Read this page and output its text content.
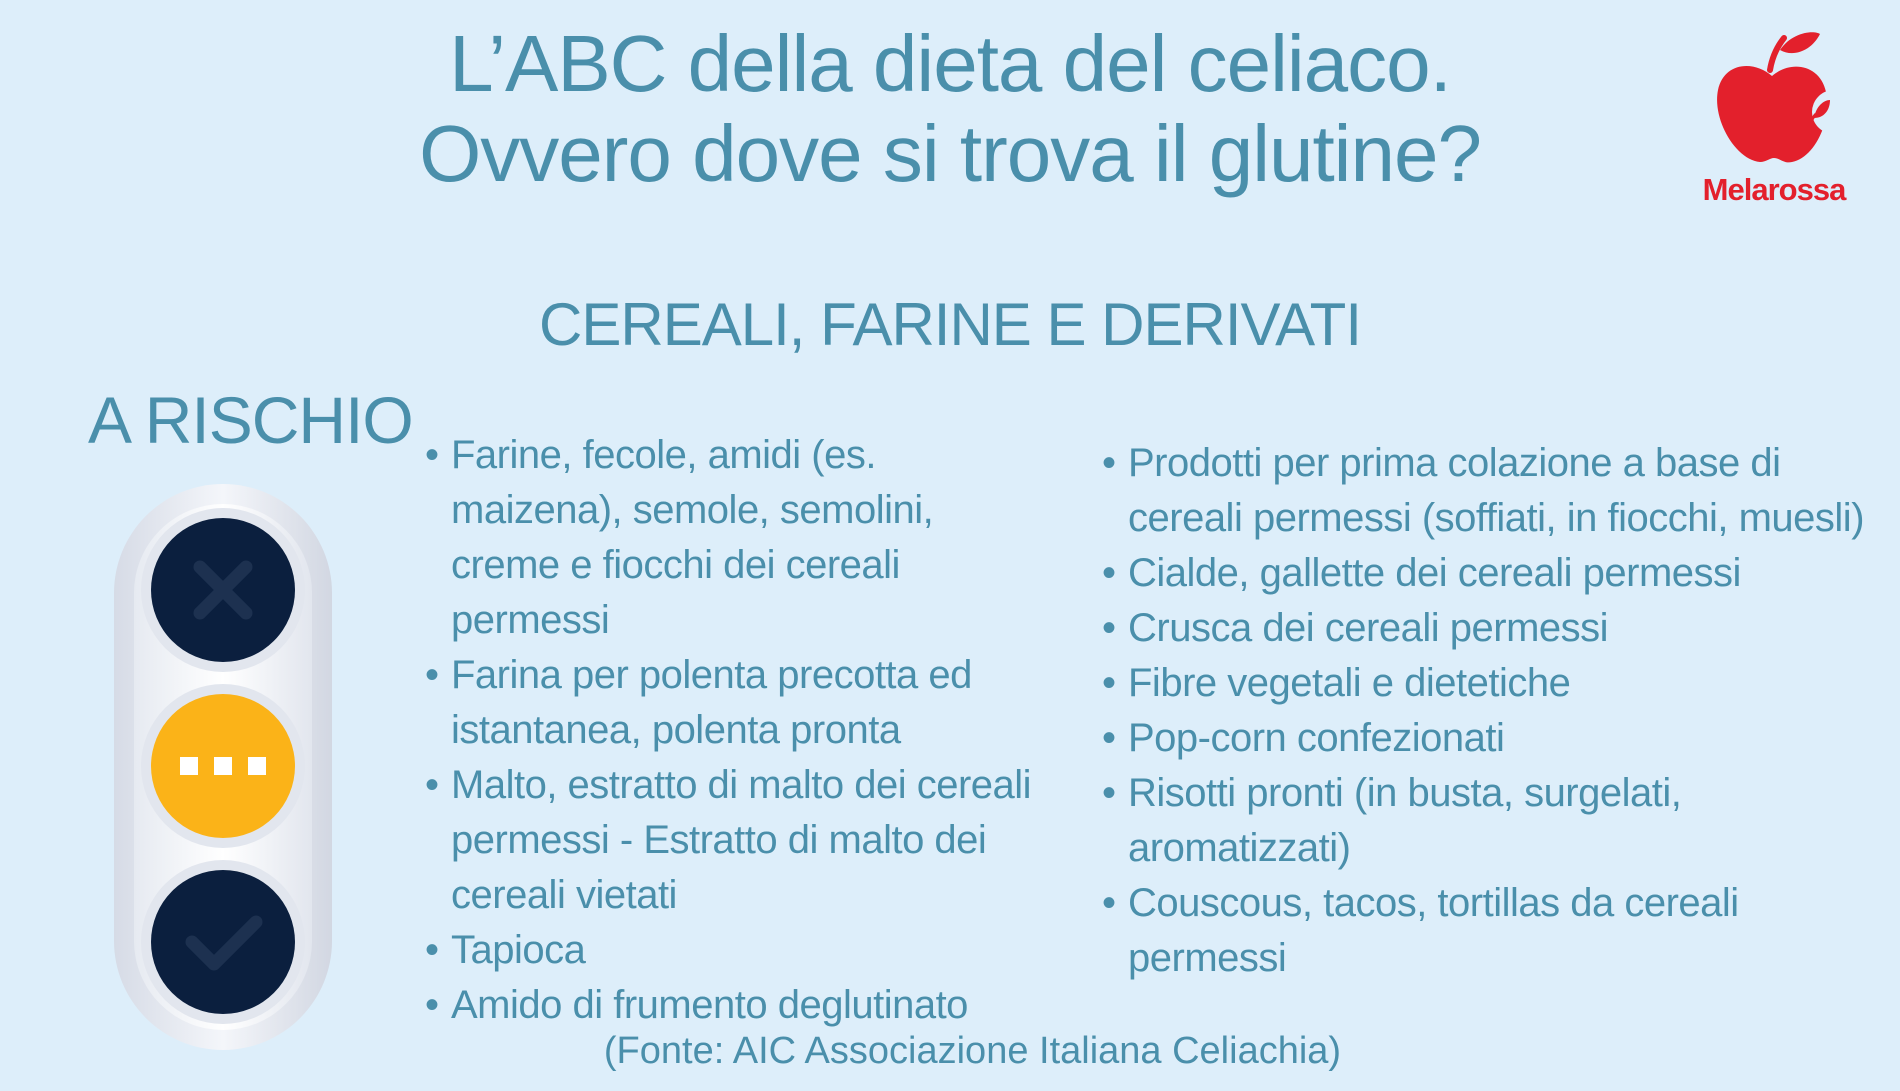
L’ABC della dieta del celiaco.
Ovvero dove si trova il glutine?	Melarossa
CEREALI, FARINE E DERIVATI
A RISCHIO
• Farine, fecole, amidi (es. maizena), semole, semolini, creme e fiocchi dei cereali permessi
• Farina per polenta precotta ed istantanea, polenta pronta
• Malto, estratto di malto dei cereali permessi - Estratto di malto dei cereali vietati
• Tapioca
• Amido di frumento deglutinato
• Prodotti per prima colazione a base di cereali permessi (soffiati, in fiocchi, muesli)
• Cialde, gallette dei cereali permessi
• Crusca dei cereali permessi
• Fibre vegetali e dietetiche
• Pop-corn confezionati
• Risotti pronti (in busta, surgelati, aromatizzati)
• Couscous, tacos, tortillas da cereali permessi
(Fonte: AIC Associazione Italiana Celiachia)
